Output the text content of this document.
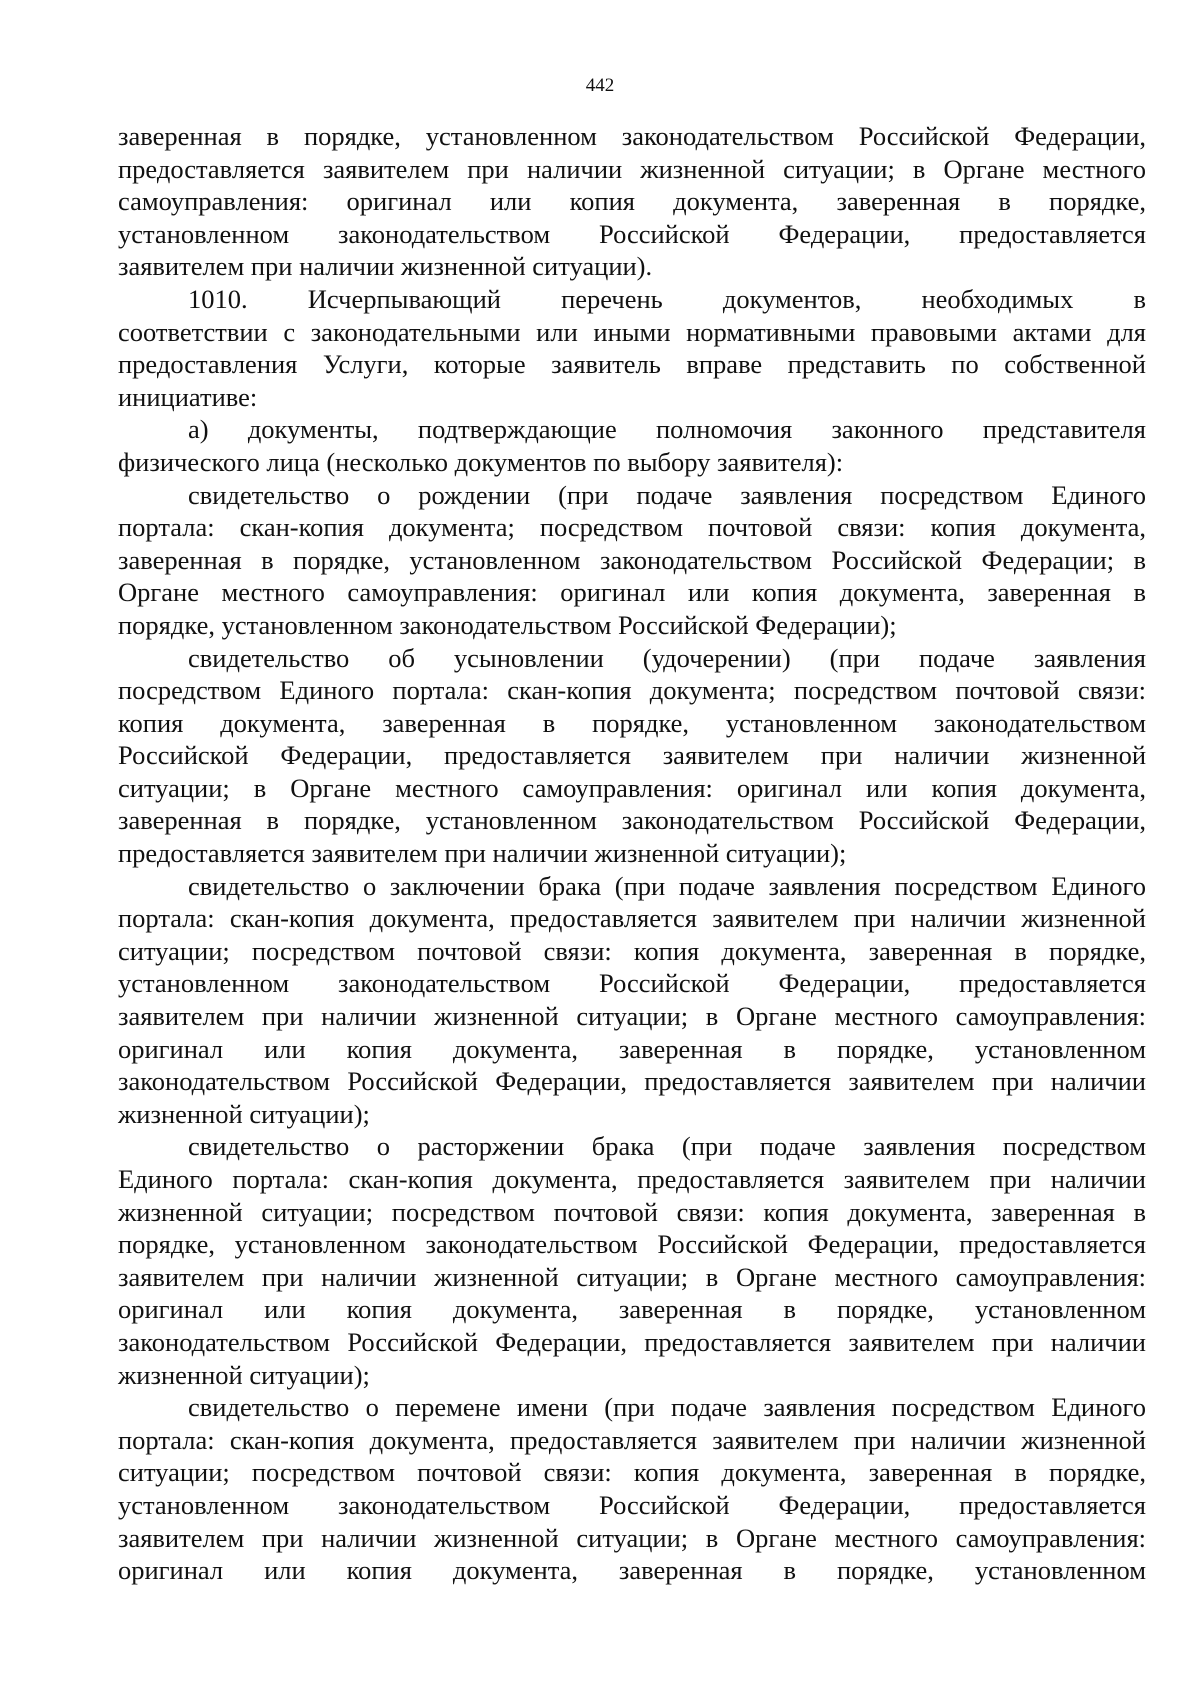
442
заверенная в порядке, установленном законодательством Российской Федерации,
предоставляется заявителем при наличии жизненной ситуации; в Органе местного
самоуправления: оригинал или копия документа, заверенная в порядке,
установленном законодательством Российской Федерации, предоставляется
заявителем при наличии жизненной ситуации).
1010. Исчерпывающий перечень документов, необходимых в
соответствии с законодательными или иными нормативными правовыми актами для
предоставления Услуги, которые заявитель вправе представить по собственной
инициативе:
а) документы, подтверждающие полномочия законного представителя
физического лица (несколько документов по выбору заявителя):
свидетельство о рождении (при подаче заявления посредством Единого
портала: скан-копия документа; посредством почтовой связи: копия документа,
заверенная в порядке, установленном законодательством Российской Федерации; в
Органе местного самоуправления: оригинал или копия документа, заверенная в
порядке, установленном законодательством Российской Федерации);
свидетельство об усыновлении (удочерении) (при подаче заявления
посредством Единого портала: скан-копия документа; посредством почтовой связи:
копия документа, заверенная в порядке, установленном законодательством
Российской Федерации, предоставляется заявителем при наличии жизненной
ситуации; в Органе местного самоуправления: оригинал или копия документа,
заверенная в порядке, установленном законодательством Российской Федерации,
предоставляется заявителем при наличии жизненной ситуации);
свидетельство о заключении брака (при подаче заявления посредством Единого
портала: скан-копия документа, предоставляется заявителем при наличии жизненной
ситуации; посредством почтовой связи: копия документа, заверенная в порядке,
установленном законодательством Российской Федерации, предоставляется
заявителем при наличии жизненной ситуации; в Органе местного самоуправления:
оригинал или копия документа, заверенная в порядке, установленном
законодательством Российской Федерации, предоставляется заявителем при наличии
жизненной ситуации);
свидетельство о расторжении брака (при подаче заявления посредством
Единого портала: скан-копия документа, предоставляется заявителем при наличии
жизненной ситуации; посредством почтовой связи: копия документа, заверенная в
порядке, установленном законодательством Российской Федерации, предоставляется
заявителем при наличии жизненной ситуации; в Органе местного самоуправления:
оригинал или копия документа, заверенная в порядке, установленном
законодательством Российской Федерации, предоставляется заявителем при наличии
жизненной ситуации);
свидетельство о перемене имени (при подаче заявления посредством Единого
портала: скан-копия документа, предоставляется заявителем при наличии жизненной
ситуации; посредством почтовой связи: копия документа, заверенная в порядке,
установленном законодательством Российской Федерации, предоставляется
заявителем при наличии жизненной ситуации; в Органе местного самоуправления:
оригинал или копия документа, заверенная в порядке, установленном
